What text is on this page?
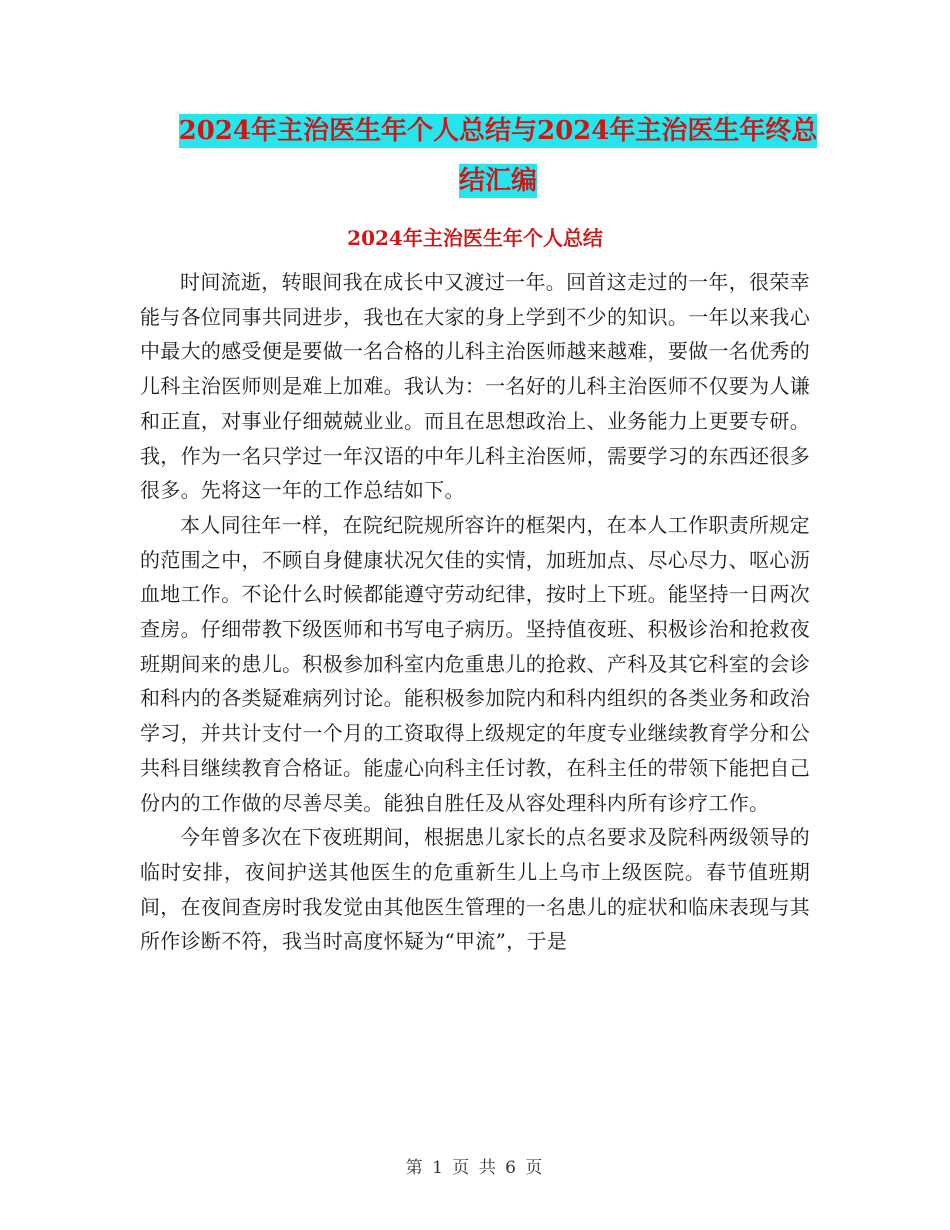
2024年主治医生年个人总结与2024年主治医生年终总
结汇编
2024年主治医生年个人总结

时间流逝，转眼间我在成长中又渡过一年。回首这走过的一年，很荣幸能与各位同事共同进步，我也在大家的身上学到不少的知识。一年以来我心中最大的感受便是要做一名合格的儿科主治医师越来越难，要做一名优秀的儿科主治医师则是难上加难。我认为：一名好的儿科主治医师不仅要为人谦和正直，对事业仔细兢兢业业。而且在思想政治上、业务能力上更要专研。我，作为一名只学过一年汉语的中年儿科主治医师，需要学习的东西还很多很多。先将这一年的工作总结如下。

本人同往年一样，在院纪院规所容许的框架内，在本人工作职责所规定的范围之中，不顾自身健康状况欠佳的实情，加班加点、尽心尽力、呕心沥血地工作。不论什么时候都能遵守劳动纪律，按时上下班。能坚持一日两次查房。仔细带教下级医师和书写电子病历。坚持值夜班、积极诊治和抢救夜班期间来的患儿。积极参加科室内危重患儿的抢救、产科及其它科室的会诊和科内的各类疑难病列讨论。能积极参加院内和科内组织的各类业务和政治学习，并共计支付一个月的工资取得上级规定的年度专业继续教育学分和公共科目继续教育合格证。能虚心向科主任讨教，在科主任的带领下能把自己份内的工作做的尽善尽美。能独自胜任及从容处理科内所有诊疗工作。

今年曾多次在下夜班期间，根据患儿家长的点名要求及院科两级领导的临时安排，夜间护送其他医生的危重新生儿上乌市上级医院。春节值班期间，在夜间查房时我发觉由其他医生管理的一名患儿的症状和临床表现与其所作诊断不符，我当时高度怀疑为“甲流”，于是

第 1 页 共 6 页
